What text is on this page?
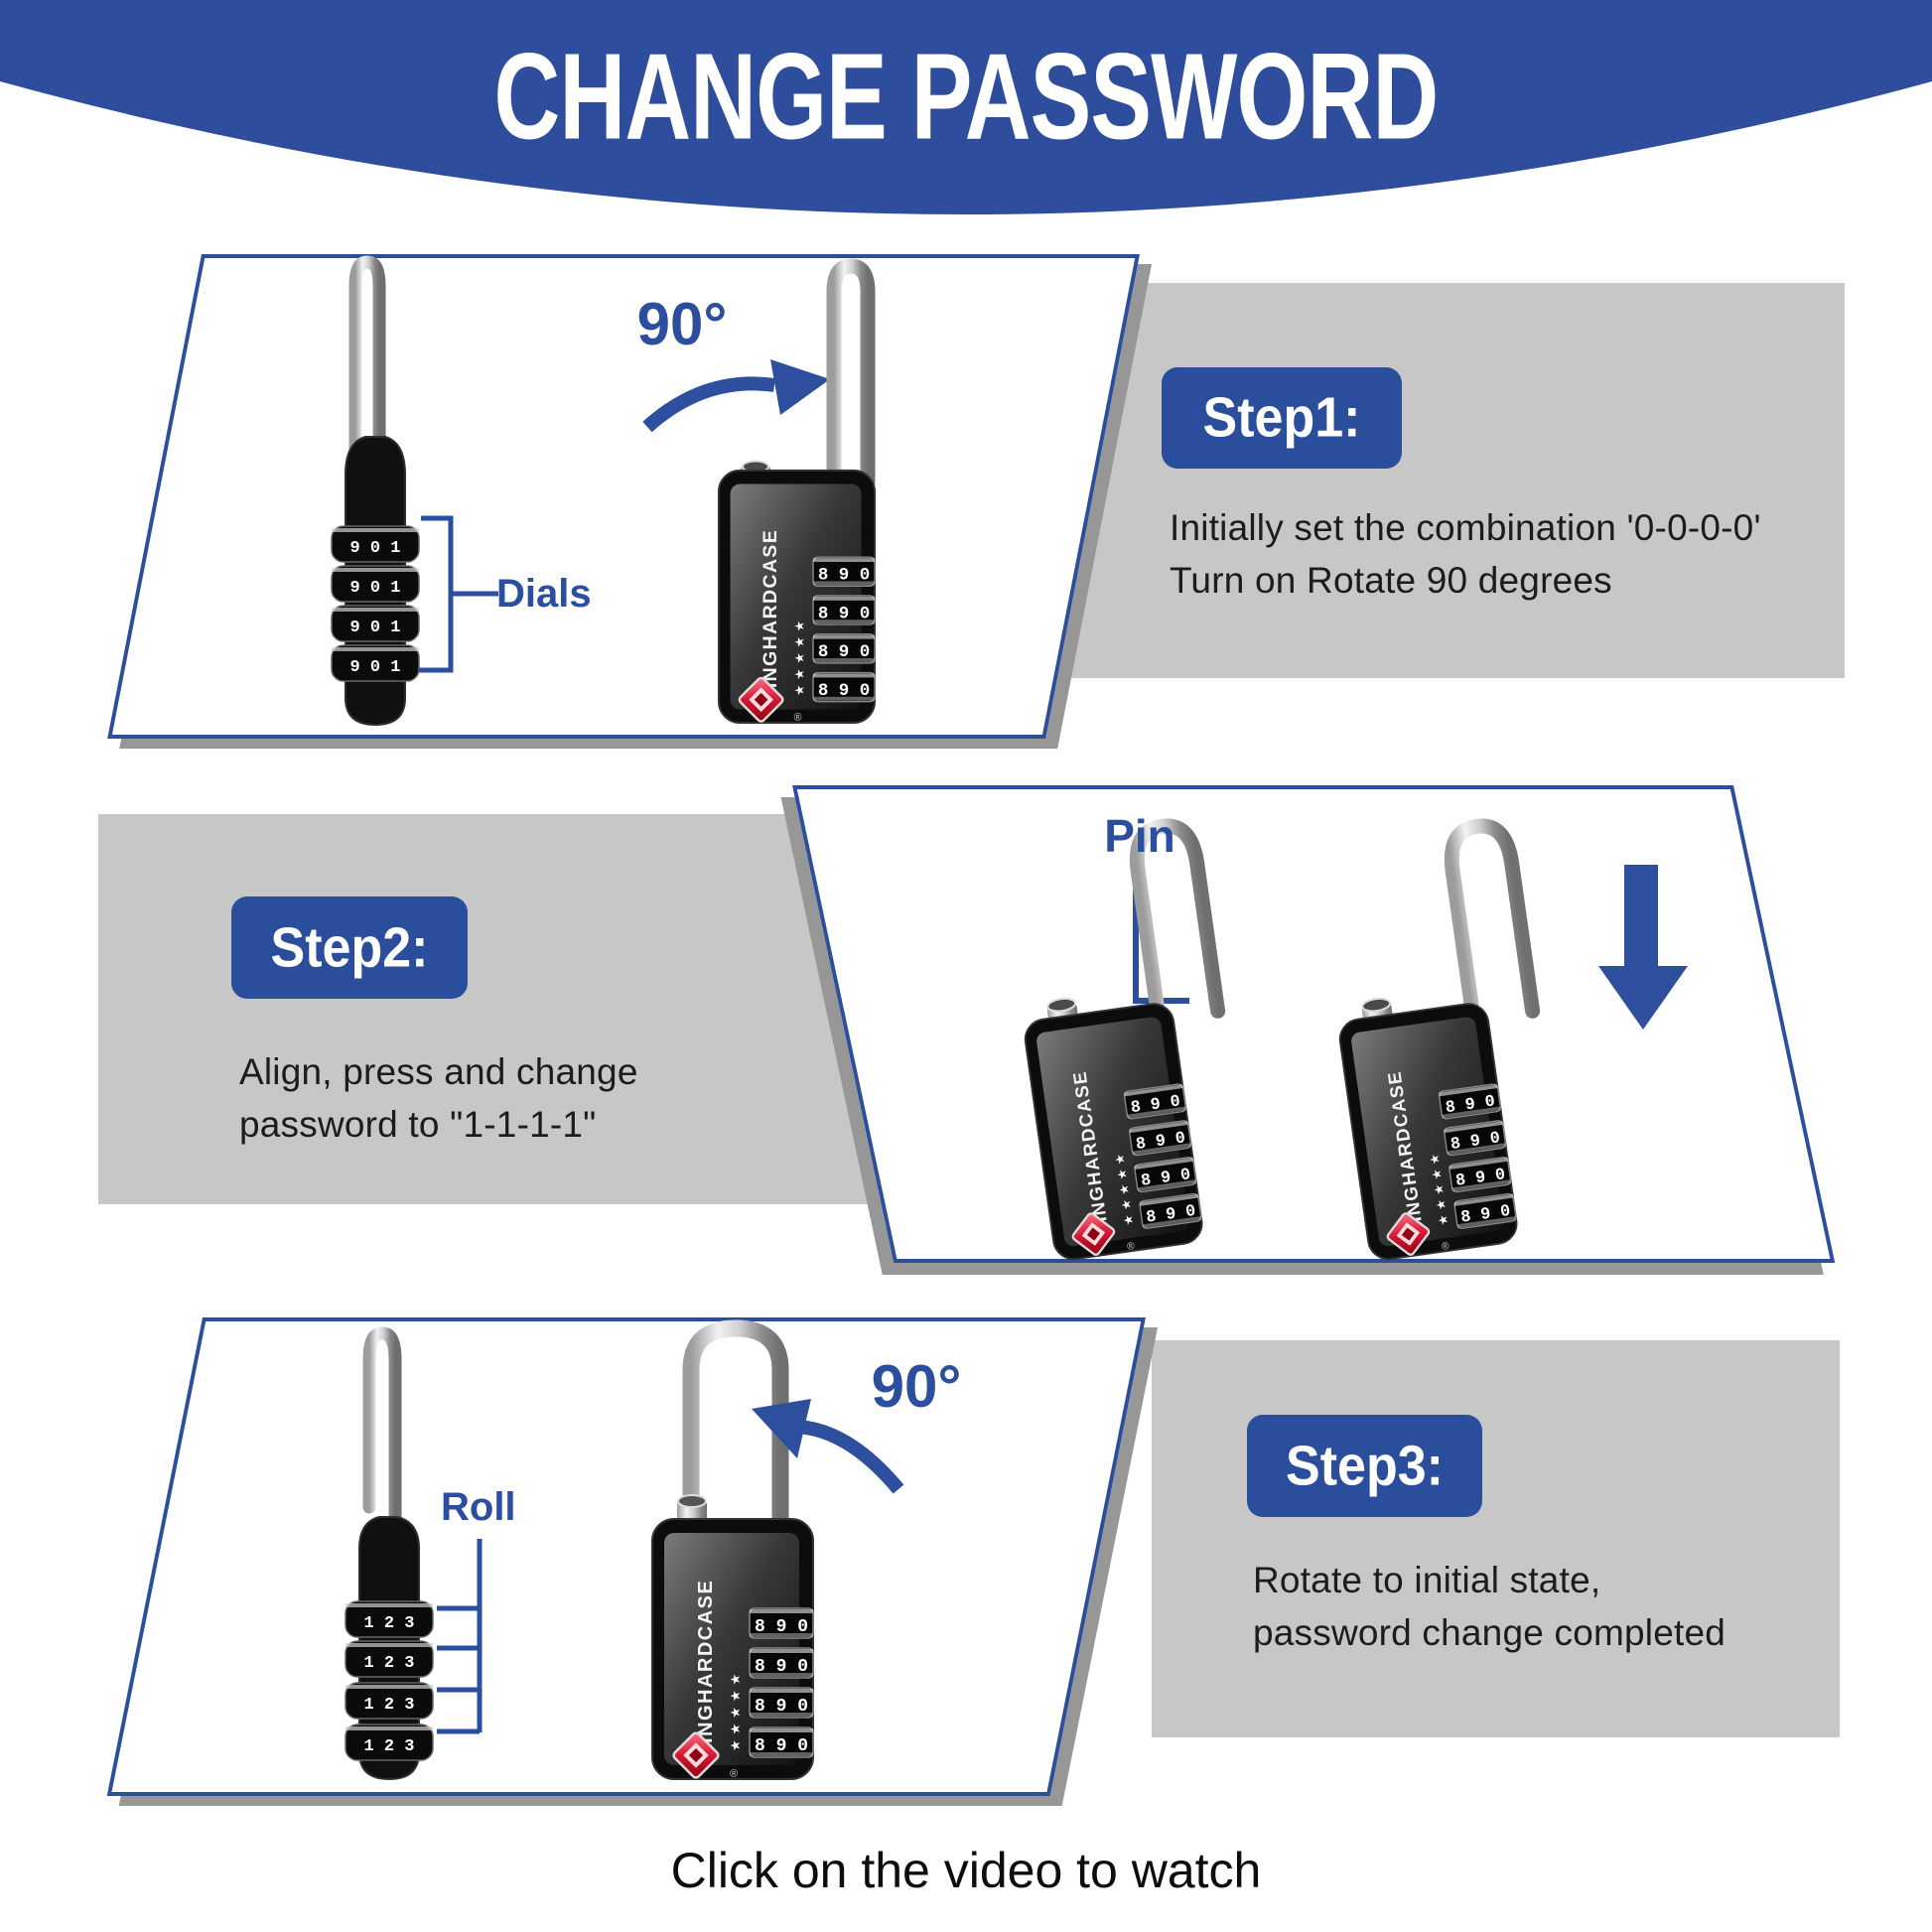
CHANGE PASSWORD
Step1:
Initially set the combination '0-0-0-0'
Turn on Rotate 90 degrees
9 0 1
9 0 1
9 0 1
9 0 1
Dials
90°
Step2:
Align, press and change
password to "1-1-1-1"
Pin
Step3:
Rotate to initial state,
password change completed
1 2 3
1 2 3
1 2 3
1 2 3
Roll
90°
Click on the video to watch
